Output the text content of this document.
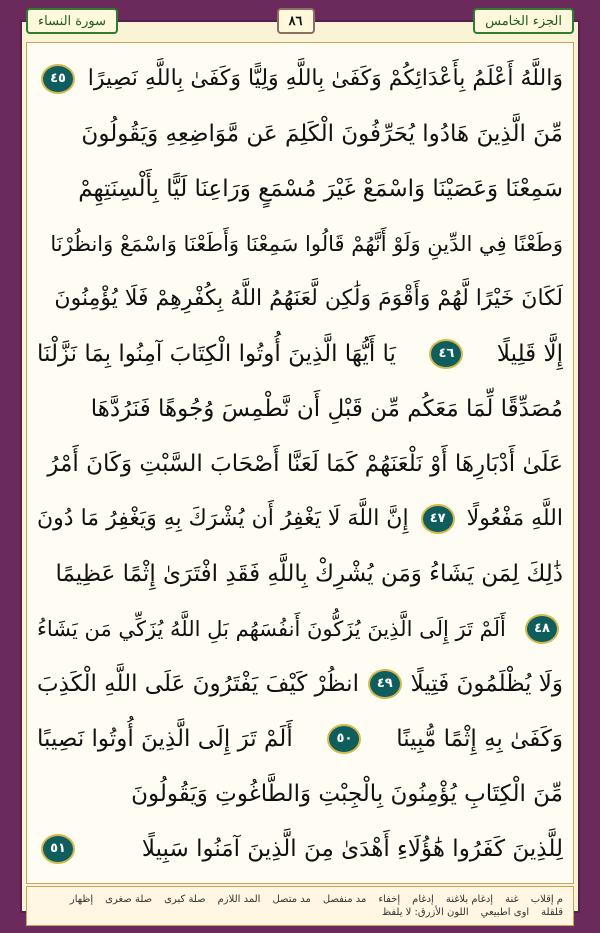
سورة النساء	٨٦	الجزء الخامس
وَاللَّهُ أَعْلَمُ بِأَعْدَائِكُمْ وَكَفَىٰ بِاللَّهِ وَلِيًّا وَكَفَىٰ بِاللَّهِ نَصِيرًا
٤٥
مِّنَ الَّذِينَ هَادُوا يُحَرِّفُونَ الْكَلِمَ عَن مَّوَاضِعِهِ وَيَقُولُونَ
سَمِعْنَا وَعَصَيْنَا وَاسْمَعْ غَيْرَ مُسْمَعٍ وَرَاعِنَا لَيًّا بِأَلْسِنَتِهِمْ
وَطَعْنًا فِي الدِّينِ وَلَوْ أَنَّهُمْ قَالُوا سَمِعْنَا وَأَطَعْنَا وَاسْمَعْ وَانظُرْنَا
لَكَانَ خَيْرًا لَّهُمْ وَأَقْوَمَ وَلَٰكِن لَّعَنَهُمُ اللَّهُ بِكُفْرِهِمْ فَلَا يُؤْمِنُونَ
إِلَّا قَلِيلًا
٤٦
يَا أَيُّهَا الَّذِينَ أُوتُوا الْكِتَابَ آمِنُوا بِمَا نَزَّلْنَا
مُصَدِّقًا لِّمَا مَعَكُم مِّن قَبْلِ أَن نَّطْمِسَ وُجُوهًا فَنَرُدَّهَا
عَلَىٰ أَدْبَارِهَا أَوْ نَلْعَنَهُمْ كَمَا لَعَنَّا أَصْحَابَ السَّبْتِ وَكَانَ أَمْرُ
اللَّهِ مَفْعُولًا
٤٧
إِنَّ اللَّهَ لَا يَغْفِرُ أَن يُشْرَكَ بِهِ وَيَغْفِرُ مَا دُونَ
ذَٰلِكَ لِمَن يَشَاءُ وَمَن يُشْرِكْ بِاللَّهِ فَقَدِ افْتَرَىٰ إِثْمًا عَظِيمًا
٤٨
أَلَمْ تَرَ إِلَى الَّذِينَ يُزَكُّونَ أَنفُسَهُم بَلِ اللَّهُ يُزَكِّي مَن يَشَاءُ
وَلَا يُظْلَمُونَ فَتِيلًا
٤٩
انظُرْ كَيْفَ يَفْتَرُونَ عَلَى اللَّهِ الْكَذِبَ
وَكَفَىٰ بِهِ إِثْمًا مُّبِينًا
٥٠
أَلَمْ تَرَ إِلَى الَّذِينَ أُوتُوا نَصِيبًا
مِّنَ الْكِتَابِ يُؤْمِنُونَ بِالْجِبْتِ وَالطَّاغُوتِ وَيَقُولُونَ
لِلَّذِينَ كَفَرُوا هَٰؤُلَاءِ أَهْدَىٰ مِنَ الَّذِينَ آمَنُوا سَبِيلًا
٥١
م إقلاب
غنة
إدغام بلاغنة
إدغام
إخفاء
مد منفصل
مد متصل
المد اللازم
صلة كبرى
صلة صغرى
إظهار
قلقلة
اوى اطبيعي
اللون الأزرق: لا يلفظ
